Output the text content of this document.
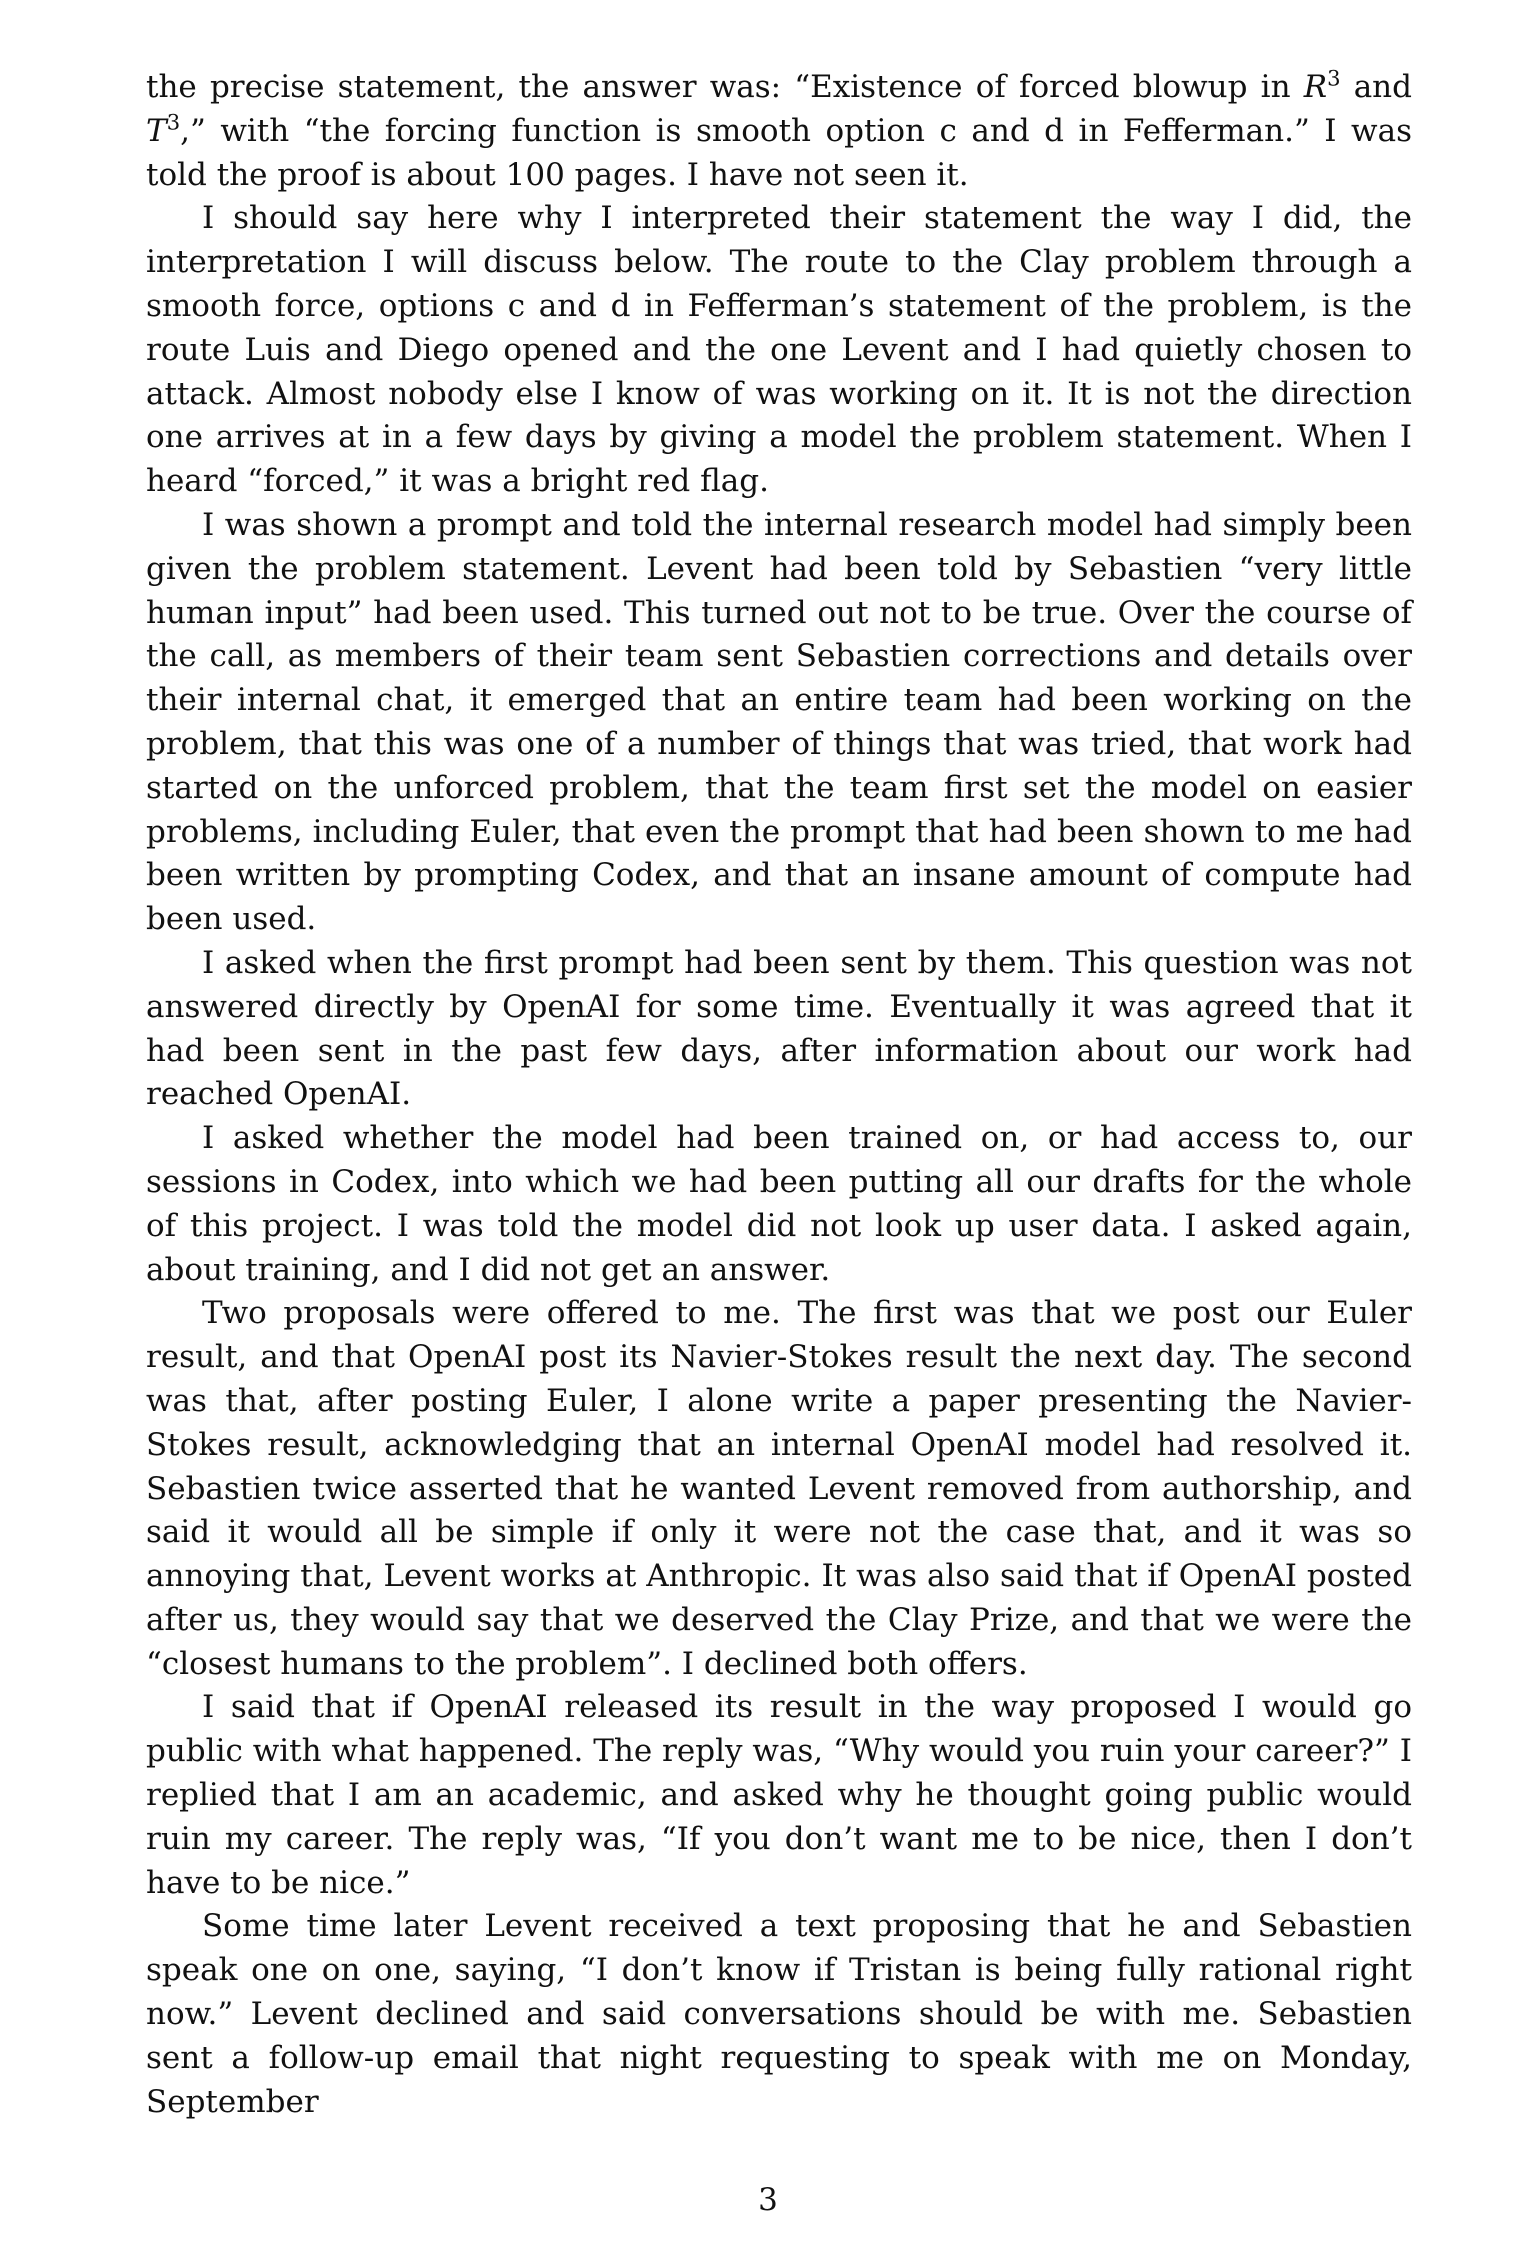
the precise statement, the answer was: “Existence of forced blowup in $R^3$ and $T^3$,” with “the forcing function is smooth option c and d in Fefferman.” I was told the proof is about 100 pages. I have not seen it.

I should say here why I interpreted their statement the way I did, the interpretation I will discuss below. The route to the Clay problem through a smooth force, options c and d in Fefferman’s statement of the problem, is the route Luis and Diego opened and the one Levent and I had quietly chosen to attack. Almost nobody else I know of was working on it. It is not the direction one arrives at in a few days by giving a model the problem statement. When I heard “forced,” it was a bright red flag.

I was shown a prompt and told the internal research model had simply been given the problem statement. Levent had been told by Sebastien “very little human input” had been used. This turned out not to be true. Over the course of the call, as members of their team sent Sebastien corrections and details over their internal chat, it emerged that an entire team had been working on the problem, that this was one of a number of things that was tried, that work had started on the unforced problem, that the team first set the model on easier problems, including Euler, that even the prompt that had been shown to me had been written by prompting Codex, and that an insane amount of compute had been used.

I asked when the first prompt had been sent by them. This question was not answered directly by OpenAI for some time. Eventually it was agreed that it had been sent in the past few days, after information about our work had reached OpenAI.

I asked whether the model had been trained on, or had access to, our sessions in Codex, into which we had been putting all our drafts for the whole of this project. I was told the model did not look up user data. I asked again, about training, and I did not get an answer.

Two proposals were offered to me. The first was that we post our Euler result, and that OpenAI post its Navier-Stokes result the next day. The second was that, after posting Euler, I alone write a paper presenting the Navier-Stokes result, acknowledging that an internal OpenAI model had resolved it. Sebastien twice asserted that he wanted Levent removed from authorship, and said it would all be simple if only it were not the case that, and it was so annoying that, Levent works at Anthropic. It was also said that if OpenAI posted after us, they would say that we deserved the Clay Prize, and that we were the “closest humans to the problem”. I declined both offers.

I said that if OpenAI released its result in the way proposed I would go public with what happened. The reply was, “Why would you ruin your career?” I replied that I am an academic, and asked why he thought going public would ruin my career. The reply was, “If you don’t want me to be nice, then I don’t have to be nice.”

Some time later Levent received a text proposing that he and Sebastien speak one on one, saying, “I don’t know if Tristan is being fully rational right now.” Levent declined and said conversations should be with me. Sebastien sent a follow-up email that night requesting to speak with me on Monday, September

3
